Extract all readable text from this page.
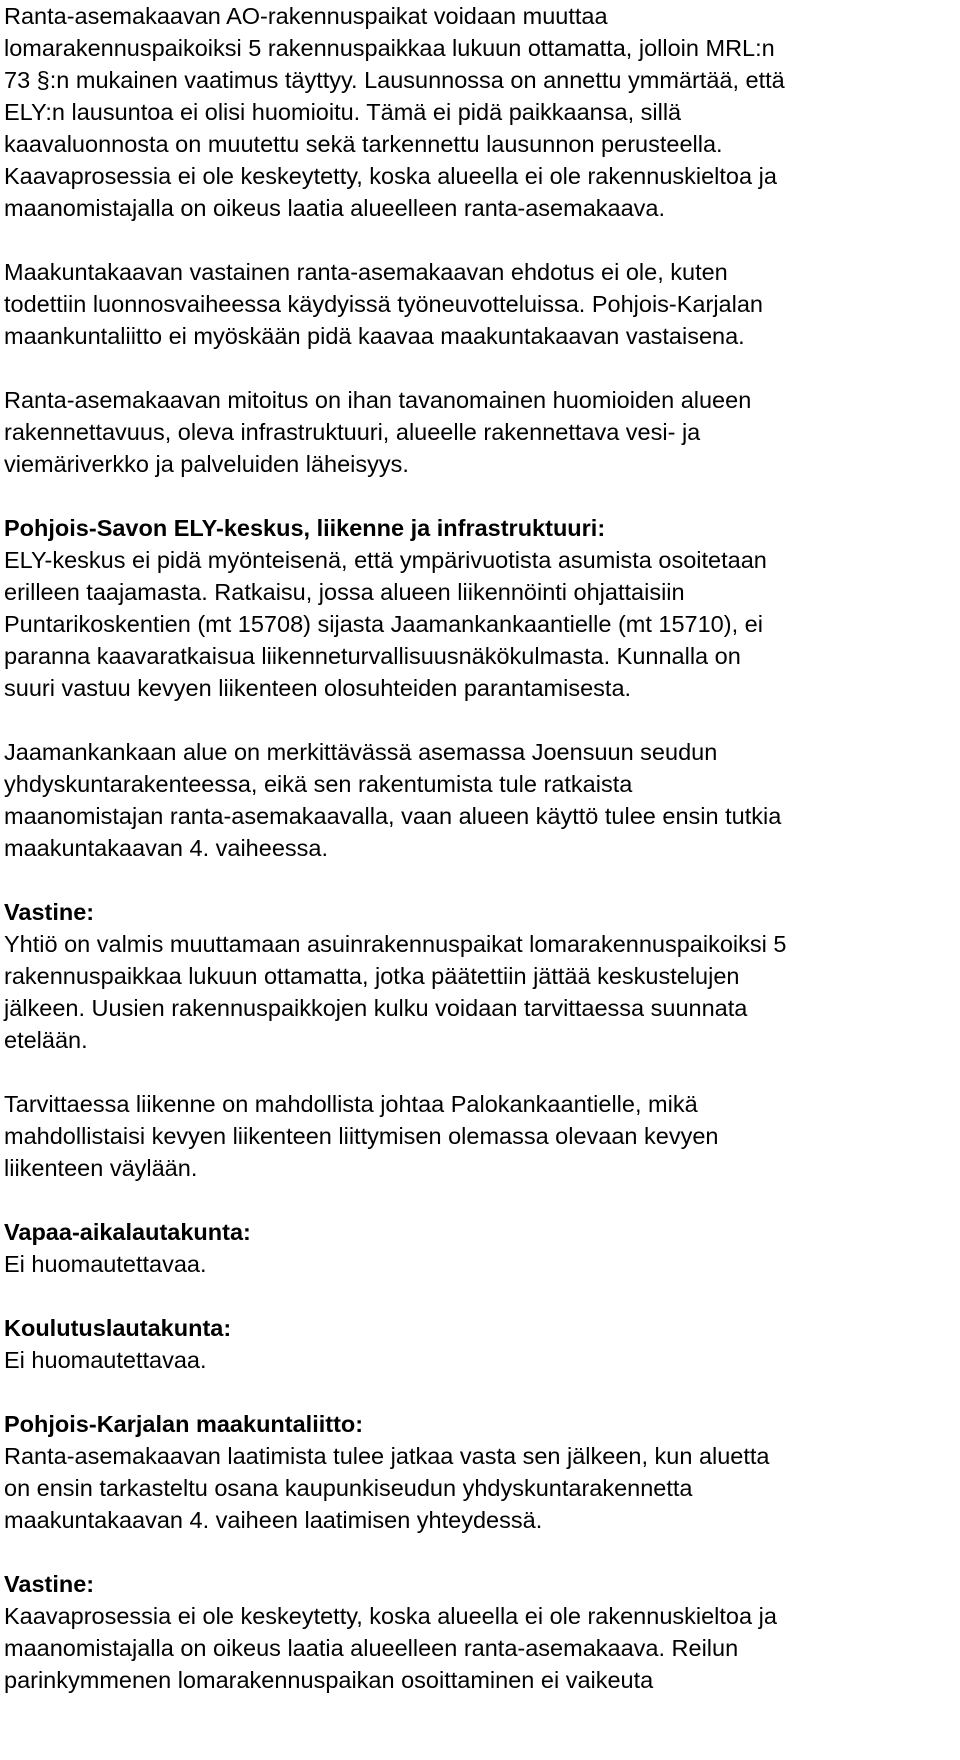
Ranta-asemakaavan AO-rakennuspaikat voidaan muuttaa
lomarakennuspaikoiksi 5 rakennuspaikkaa lukuun ottamatta, jolloin MRL:n
73 §:n mukainen vaatimus täyttyy. Lausunnossa on annettu ymmärtää, että
ELY:n lausuntoa ei olisi huomioitu. Tämä ei pidä paikkaansa, sillä
kaavaluonnosta on muutettu sekä tarkennettu lausunnon perusteella.
Kaavaprosessia ei ole keskeytetty, koska alueella ei ole rakennuskieltoa ja
maanomistajalla on oikeus laatia alueelleen ranta-asemakaava.
Maakuntakaavan vastainen ranta-asemakaavan ehdotus ei ole, kuten
todettiin luonnosvaiheessa käydyissä työneuvotteluissa. Pohjois-Karjalan
maankuntaliitto ei myöskään pidä kaavaa maakuntakaavan vastaisena.
Ranta-asemakaavan mitoitus on ihan tavanomainen huomioiden alueen
rakennettavuus, oleva infrastruktuuri, alueelle rakennettava vesi- ja
viemäriverkko ja palveluiden läheisyys.
Pohjois-Savon ELY-keskus, liikenne ja infrastruktuuri:
ELY-keskus ei pidä myönteisenä, että ympärivuotista asumista osoitetaan
erilleen taajamasta. Ratkaisu, jossa alueen liikennöinti ohjattaisiin
Puntarikoskentien (mt 15708) sijasta Jaamankankaantielle (mt 15710), ei
paranna kaavaratkaisua liikenneturvallisuusnäkökulmasta. Kunnalla on
suuri vastuu kevyen liikenteen olosuhteiden parantamisesta.
Jaamankankaan alue on merkittävässä asemassa Joensuun seudun
yhdyskuntarakenteessa, eikä sen rakentumista tule ratkaista
maanomistajan ranta-asemakaavalla, vaan alueen käyttö tulee ensin tutkia
maakuntakaavan 4. vaiheessa.
Vastine:
Yhtiö on valmis muuttamaan asuinrakennuspaikat lomarakennuspaikoiksi 5
rakennuspaikkaa lukuun ottamatta, jotka päätettiin jättää keskustelujen
jälkeen. Uusien rakennuspaikkojen kulku voidaan tarvittaessa suunnata
etelään.
Tarvittaessa liikenne on mahdollista johtaa Palokankaantielle, mikä
mahdollistaisi kevyen liikenteen liittymisen olemassa olevaan kevyen
liikenteen väylään.
Vapaa-aikalautakunta:
Ei huomautettavaa.
Koulutuslautakunta:
Ei huomautettavaa.
Pohjois-Karjalan maakuntaliitto:
Ranta-asemakaavan laatimista tulee jatkaa vasta sen jälkeen, kun aluetta
on ensin tarkasteltu osana kaupunkiseudun yhdyskuntarakennetta
maakuntakaavan 4. vaiheen laatimisen yhteydessä.
Vastine:
Kaavaprosessia ei ole keskeytetty, koska alueella ei ole rakennuskieltoa ja
maanomistajalla on oikeus laatia alueelleen ranta-asemakaava. Reilun
parinkymmenen lomarakennuspaikan osoittaminen ei vaikeuta
